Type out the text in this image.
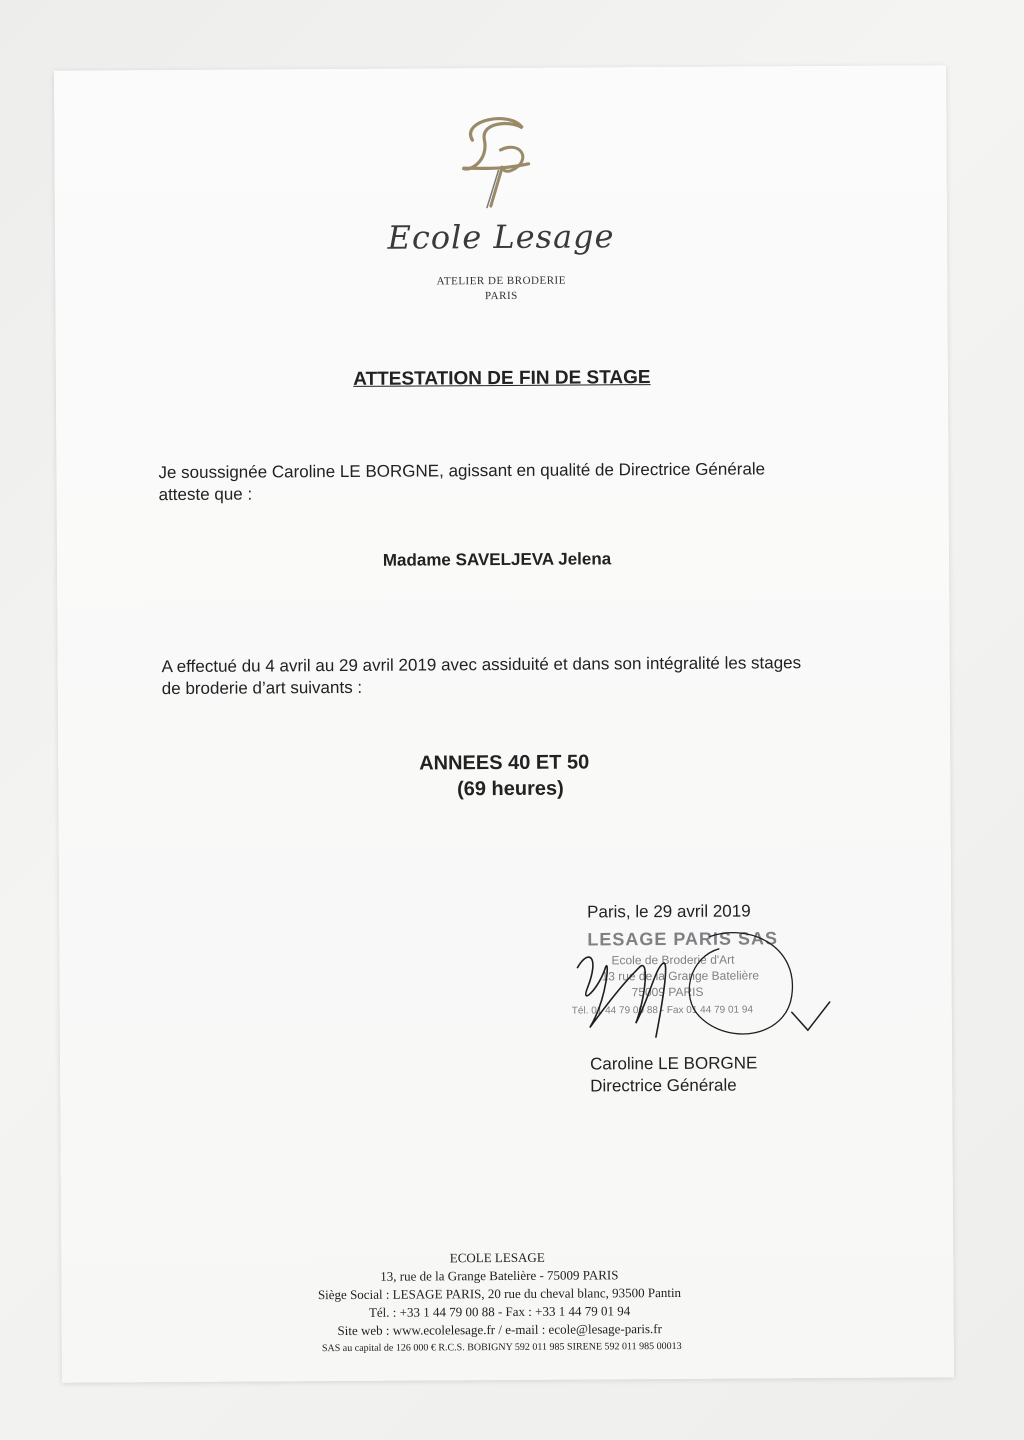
Ecole Lesage
ATELIER DE BRODERIE
PARIS
ATTESTATION DE FIN DE STAGE
Je soussignée Caroline LE BORGNE, agissant en qualité de Directrice Générale
atteste que :
Madame SAVELJEVA Jelena
A effectué du 4 avril au 29 avril 2019 avec assiduité et dans son intégralité les stages
de broderie d’art suivants :
ANNEES 40 ET 50
(69 heures)
Paris, le 29 avril 2019
LESAGE PARIS SAS
Ecole de Broderie d'Art
13 rue de la Grange Batelière
75009 PARIS
Tél. 01 44 79 00 88 - Fax 01 44 79 01 94
Caroline LE BORGNE
Directrice Générale
ECOLE LESAGE
13, rue de la Grange Batelière - 75009 PARIS
Siège Social : LESAGE PARIS, 20 rue du cheval blanc, 93500 Pantin
Tél. : +33 1 44 79 00 88 - Fax : +33 1 44 79 01 94
Site web : www.ecolelesage.fr / e-mail : ecole@lesage-paris.fr
SAS au capital de 126 000 € R.C.S. BOBIGNY 592 011 985 SIRENE 592 011 985 00013
